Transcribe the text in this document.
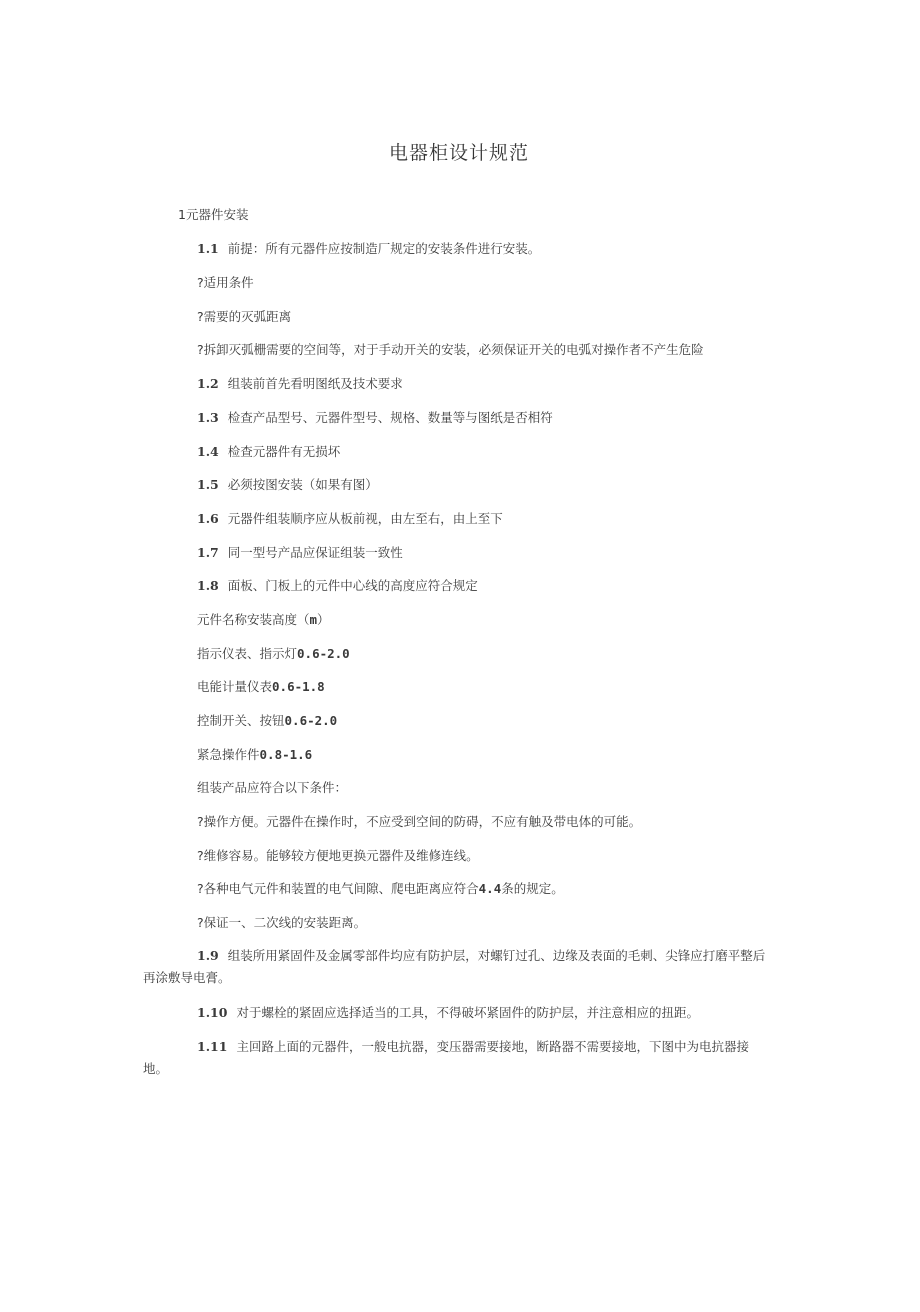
电器柜设计规范
1元器件安装
1.1 前提：所有元器件应按制造厂规定的安装条件进行安装。
?适用条件
?需要的灭弧距离
?拆卸灭弧栅需要的空间等，对于手动开关的安装，必须保证开关的电弧对操作者不产生危险
1.2 组装前首先看明图纸及技术要求
1.3 检查产品型号、元器件型号、规格、数量等与图纸是否相符
1.4 检查元器件有无损坏
1.5 必须按图安装（如果有图）
1.6 元器件组装顺序应从板前视，由左至右，由上至下
1.7 同一型号产品应保证组装一致性
1.8 面板、门板上的元件中心线的高度应符合规定
元件名称安装高度（m）
指示仪表、指示灯0.6-2.0
电能计量仪表0.6-1.8
控制开关、按钮0.6-2.0
紧急操作件0.8-1.6
组装产品应符合以下条件：
?操作方便。元器件在操作时，不应受到空间的防碍，不应有触及带电体的可能。
?维修容易。能够较方便地更换元器件及维修连线。
?各种电气元件和装置的电气间隙、爬电距离应符合4.4条的规定。
?保证一、二次线的安装距离。
1.9 组装所用紧固件及金属零部件均应有防护层，对螺钉过孔、边缘及表面的毛刺、尖锋应打磨平整后再涂敷导电膏。
1.10 对于螺栓的紧固应选择适当的工具，不得破坏紧固件的防护层，并注意相应的扭距。
1.11 主回路上面的元器件，一般电抗器，变压器需要接地，断路器不需要接地，下图中为电抗器接地。
